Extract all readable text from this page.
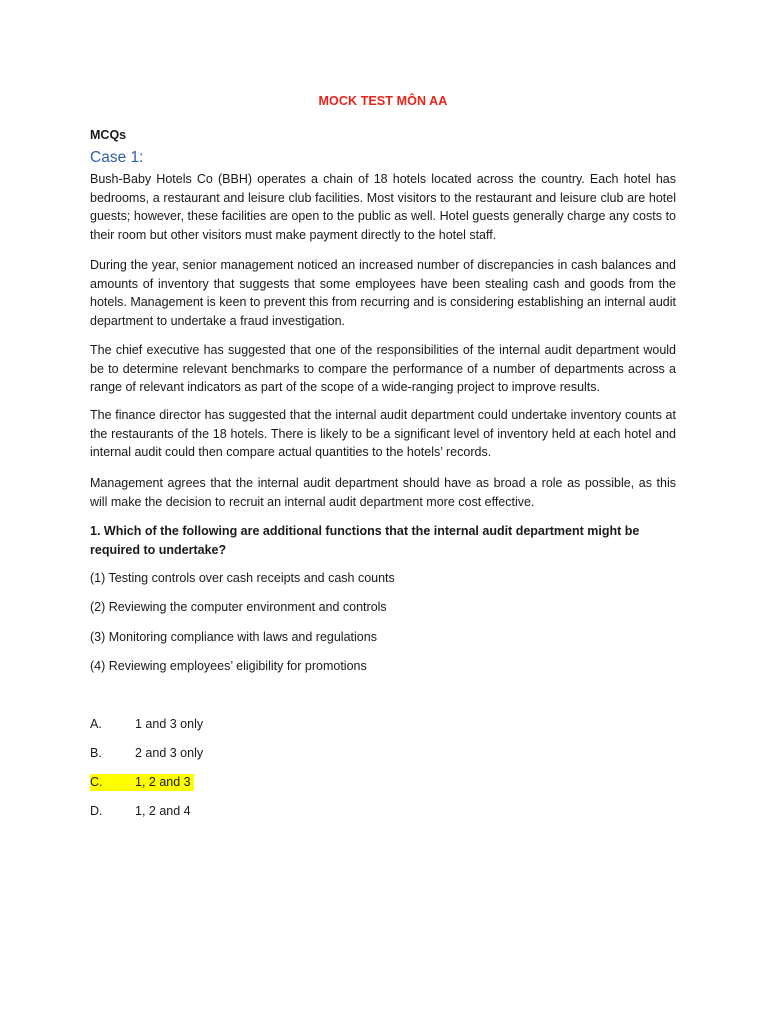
MOCK TEST MÔN AA
MCQs
Case 1:

Bush-Baby Hotels Co (BBH) operates a chain of 18 hotels located across the country. Each hotel has bedrooms, a restaurant and leisure club facilities. Most visitors to the restaurant and leisure club are hotel guests; however, these facilities are open to the public as well. Hotel guests generally charge any costs to their room but other visitors must make payment directly to the hotel staff.

During the year, senior management noticed an increased number of discrepancies in cash balances and amounts of inventory that suggests that some employees have been stealing cash and goods from the hotels. Management is keen to prevent this from recurring and is considering establishing an internal audit department to undertake a fraud investigation.

The chief executive has suggested that one of the responsibilities of the internal audit department would be to determine relevant benchmarks to compare the performance of a number of departments across a range of relevant indicators as part of the scope of a wide-ranging project to improve results.

The finance director has suggested that the internal audit department could undertake inventory counts at the restaurants of the 18 hotels. There is likely to be a significant level of inventory held at each hotel and internal audit could then compare actual quantities to the hotels’ records.

Management agrees that the internal audit department should have as broad a role as possible, as this will make the decision to recruit an internal audit department more cost effective.

1. Which of the following are additional functions that the internal audit department might be required to undertake?

(1) Testing controls over cash receipts and cash counts
(2) Reviewing the computer environment and controls
(3) Monitoring compliance with laws and regulations
(4) Reviewing employees’ eligibility for promotions
A.	1 and 3 only
B.	2 and 3 only
C.	1, 2 and 3
D.	1, 2 and 4
